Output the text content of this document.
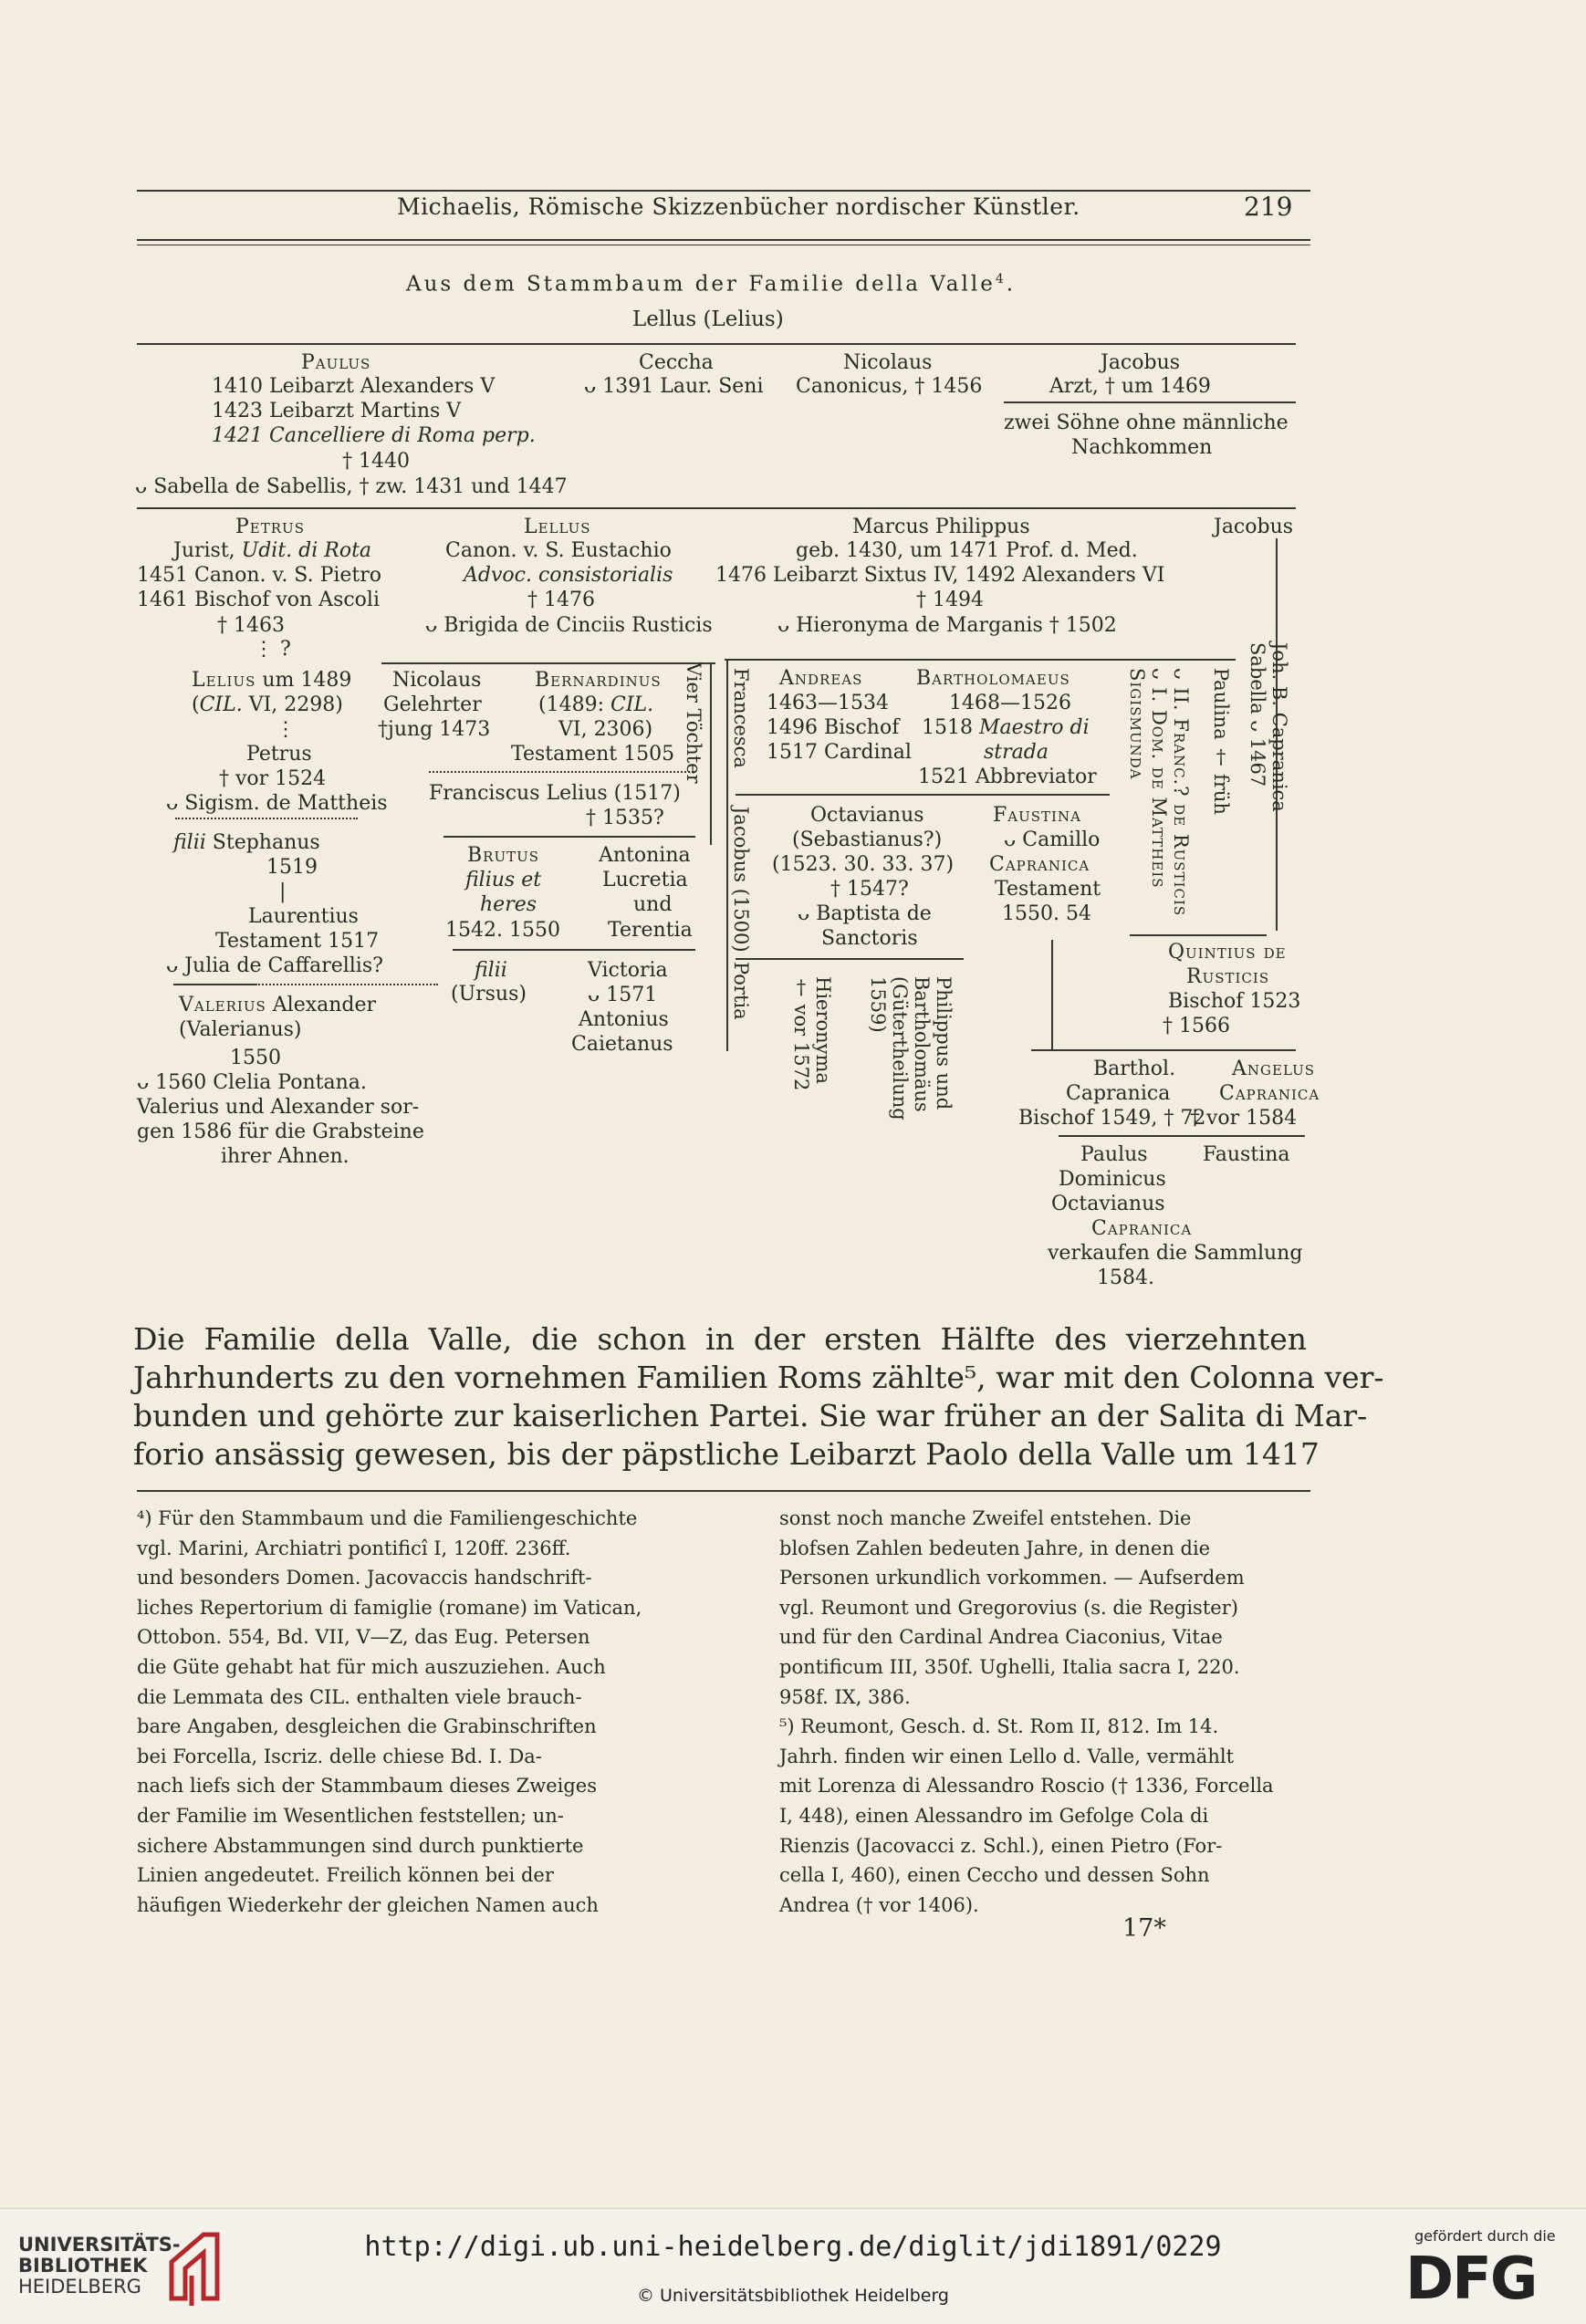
Michaelis, Römische Skizzenbücher nordischer Künstler.	219
Aus dem Stammbaum der Familie della Valle$^4$.
Lellus (Lelius)
Paulus
1410 Leibarzt Alexanders V
1423 Leibarzt Martins V
1421 Cancelliere di Roma perp.
† 1440
ᴗ Sabella de Sabellis, † zw. 1431 und 1447
Ceccha
ᴗ 1391 Laur. Seni
Nicolaus
Canonicus, † 1456
Jacobus
Arzt, † um 1469
zwei Söhne ohne männliche
Nachkommen
Petrus
Jurist, Udit. di Rota
1451 Canon. v. S. Pietro
1461 Bischof von Ascoli
† 1463
⋮ ?
Lellus
Canon. v. S. Eustachio
Advoc. consistorialis
† 1476
ᴗ Brigida de Cinciis Rusticis
Marcus Philippus
geb. 1430, um 1471 Prof. d. Med.
1476 Leibarzt Sixtus IV, 1492 Alexanders VI
† 1494
ᴗ Hieronyma de Marganis † 1502
Jacobus
Lelius um 1489
(CIL. VI, 2298)
⋮
Petrus
† vor 1524
ᴗ Sigism. de Mattheis
filii Stephanus
1519
|
Laurentius
Testament 1517
ᴗ Julia de Caffarellis?
Valerius Alexander
(Valerianus)
1550
ᴗ 1560 Clelia Pontana.
Valerius und Alexander sor-
gen 1586 für die Grabsteine
ihrer Ahnen.
Nicolaus
Gelehrter
†jung 1473
Bernardinus
(1489: CIL.
VI, 2306)
Testament 1505
Franciscus Lelius (1517)
† 1535?
Brutus
filius et
heres
1542. 1550
Antonina
Lucretia
und
Terentia
filii
(Ursus)
Victoria
ᴗ 1571
Antonius
Caietanus
Vier Töchter Francesca
Jacobus (1500)
Portia
Andreas
1463—1534
1496 Bischof
1517 Cardinal
Bartholomaeus
1468—1526
1518 Maestro di
strada
1521 Abbreviator
Octavianus
(Sebastianus?)
(1523. 30. 33. 37)
† 1547?
ᴗ Baptista de
Sanctoris
Faustina
ᴗ Camillo
Capranica
Testament
1550. 54
Hieronyma
† vor 1572	Philippus und
Bartholomäus
(Gütertheilung
1559)
ᴗ II. Franc.? de Rusticis
ᴗ I. Dom. de Mattheis
Sigismunda	Paulina † früh	Joh. B. Capranica
Sabella ᴗ 1467
Quintius de
Rusticis
Bischof 1523
† 1566
Barthol.
Capranica
Bischof 1549, † 72
Angelus
Capranica
† vor 1584
Paulus	Faustina
Dominicus
Octavianus
Capranica
verkaufen die Sammlung
1584.
Die Familie della Valle, die schon in der ersten Hälfte des vierzehnten
Jahrhunderts zu den vornehmen Familien Roms zählte⁵, war mit den Colonna ver-
bunden und gehörte zur kaiserlichen Partei. Sie war früher an der Salita di Mar-
forio ansässig gewesen, bis der päpstliche Leibarzt Paolo della Valle um 1417
⁴) Für den Stammbaum und die Familiengeschichte
vgl. Marini, Archiatri pontificî I, 120ff. 236ff.
und besonders Domen. Jacovaccis handschrift-
liches Repertorium di famiglie (romane) im Vatican,
Ottobon. 554, Bd. VII, V—Z, das Eug. Petersen
die Güte gehabt hat für mich auszuziehen. Auch
die Lemmata des CIL. enthalten viele brauch-
bare Angaben, desgleichen die Grabinschriften
bei Forcella, Iscriz. delle chiese Bd. I. Da-
nach liefs sich der Stammbaum dieses Zweiges
der Familie im Wesentlichen feststellen; un-
sichere Abstammungen sind durch punktierte
Linien angedeutet. Freilich können bei der
häufigen Wiederkehr der gleichen Namen auch
sonst noch manche Zweifel entstehen. Die
blofsen Zahlen bedeuten Jahre, in denen die
Personen urkundlich vorkommen. — Aufserdem
vgl. Reumont und Gregorovius (s. die Register)
und für den Cardinal Andrea Ciaconius, Vitae
pontificum III, 350f. Ughelli, Italia sacra I, 220.
958f. IX, 386.
⁵) Reumont, Gesch. d. St. Rom II, 812. Im 14.
Jahrh. finden wir einen Lello d. Valle, vermählt
mit Lorenza di Alessandro Roscio († 1336, Forcella
I, 448), einen Alessandro im Gefolge Cola di
Rienzis (Jacovacci z. Schl.), einen Pietro (For-
cella I, 460), einen Ceccho und dessen Sohn
Andrea († vor 1406).
17*
UNIVERSITÄTS-
BIBLIOTHEK
HEIDELBERG
http://digi.ub.uni-heidelberg.de/diglit/jdi1891/0229
© Universitätsbibliothek Heidelberg
gefördert durch die
DFG
